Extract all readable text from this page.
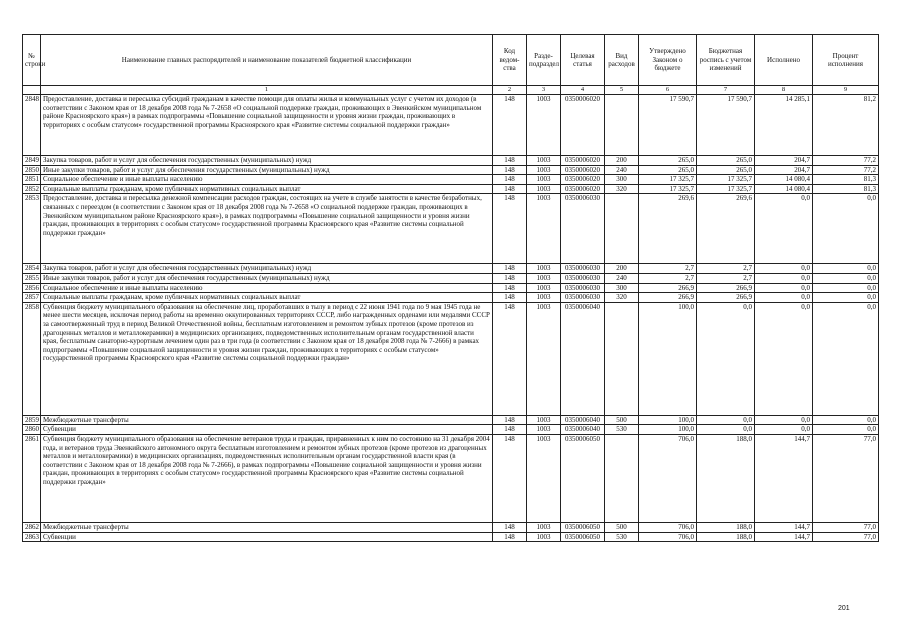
№ строки	Наименование главных распорядителей и наименование показателей бюджетной классификации	Код ведом-ства	Разде-подраздел	Целевая статья	Вид расходов	Утверждено Законом о бюджете	Бюджетная роспись с учетом изменений	Исполнено	Процент исполнения
	1	2	3	4	5	6	7	8	9
2848	Предоставление, доставка и пересылка субсидий гражданам в качестве помощи для оплаты жилья и коммунальных услуг с учетом их доходов (в соответствии с Законом края от 18 декабря 2008 года № 7-2658 «О социальной поддержке граждан, проживающих в Эвенкийском муниципальном районе Красноярского края») в рамках подпрограммы «Повышение социальной защищенности и уровня жизни граждан, проживающих в территориях с особым статусом» государственной программы Красноярского края «Развитие системы социальной поддержки граждан»	148	1003	0350006020		17 590,7	17 590,7	14 285,1	81,2
2849	Закупка товаров, работ и услуг для обеспечения государственных (муниципальных) нужд	148	1003	0350006020	200	265,0	265,0	204,7	77,2
2850	Иные закупки товаров, работ и услуг для обеспечения государственных (муниципальных) нужд	148	1003	0350006020	240	265,0	265,0	204,7	77,2
2851	Социальное обеспечение и иные выплаты населению	148	1003	0350006020	300	17 325,7	17 325,7	14 080,4	81,3
2852	Социальные выплаты гражданам, кроме публичных нормативных социальных выплат	148	1003	0350006020	320	17 325,7	17 325,7	14 080,4	81,3
2853	Предоставление, доставка и пересылка денежной компенсации расходов граждан, состоящих на учете в службе занятости в качестве безработных, связанных с переездом (в соответствии с Законом края от 18 декабря 2008 года № 7-2658 «О социальной поддержке граждан, проживающих в Эвенкийском муниципальном районе Красноярского края»), в рамках подпрограммы «Повышение социальной защищенности и уровня жизни граждан, проживающих в территориях с особым статусом» государственной программы Красноярского края «Развитие системы социальной поддержки граждан»	148	1003	0350006030		269,6	269,6	0,0	0,0
2854	Закупка товаров, работ и услуг для обеспечения государственных (муниципальных) нужд	148	1003	0350006030	200	2,7	2,7	0,0	0,0
2855	Иные закупки товаров, работ и услуг для обеспечения государственных (муниципальных) нужд	148	1003	0350006030	240	2,7	2,7	0,0	0,0
2856	Социальное обеспечение и иные выплаты населению	148	1003	0350006030	300	266,9	266,9	0,0	0,0
2857	Социальные выплаты гражданам, кроме публичных нормативных социальных выплат	148	1003	0350006030	320	266,9	266,9	0,0	0,0
2858	Субвенция бюджету муниципального образования на обеспечение лиц, проработавших в тылу в период с 22 июня 1941 года по 9 мая 1945 года не менее шести месяцев, исключая период работы на временно оккупированных территориях СССР, либо награжденных орденами или медалями СССР за самоотверженный труд в период Великой Отечественной войны, бесплатным изготовлением и ремонтом зубных протезов (кроме протезов из драгоценных металлов и металлокерамики) в медицинских организациях, подведомственных исполнительным органам государственной власти края, бесплатным санаторно-курортным лечением один раз в три года (в соответствии с Законом края от 18 декабря 2008 года № 7-2666) в рамках подпрограммы «Повышение социальной защищенности и уровня жизни граждан, проживающих в территориях с особым статусом» государственной программы Красноярского края «Развитие системы социальной поддержки граждан»	148	1003	0350006040		100,0	0,0	0,0	0,0
2859	Межбюджетные трансферты	148	1003	0350006040	500	100,0	0,0	0,0	0,0
2860	Субвенции	148	1003	0350006040	530	100,0	0,0	0,0	0,0
2861	Субвенция бюджету муниципального образования на обеспечение ветеранов труда и граждан, приравненных к ним по состоянию на 31 декабря 2004 года, и ветеранов труда Эвенкийского автономного округа бесплатным изготовлением и ремонтом зубных протезов (кроме протезов из драгоценных металлов и металлокерамики) в медицинских организациях, подведомственных исполнительным органам государственной власти края (в соответствии с Законом края от 18 декабря 2008 года № 7-2666), в рамках подпрограммы «Повышение социальной защищенности и уровня жизни граждан, проживающих в территориях с особым статусом» государственной программы Красноярского края «Развитие системы социальной поддержки граждан»	148	1003	0350006050		706,0	188,0	144,7	77,0
2862	Межбюджетные трансферты	148	1003	0350006050	500	706,0	188,0	144,7	77,0
2863	Субвенции	148	1003	0350006050	530	706,0	188,0	144,7	77,0
201
